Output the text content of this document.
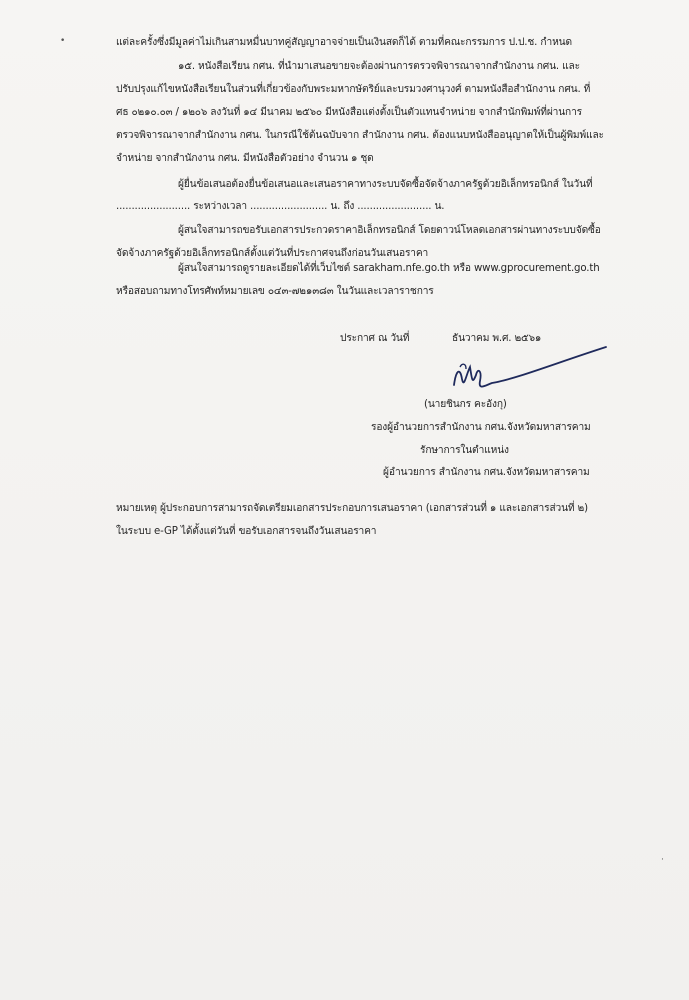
•	แต่ละครั้งซึ่งมีมูลค่าไม่เกินสามหมื่นบาทคู่สัญญาอาจจ่ายเป็นเงินสดก็ได้ ตามที่คณะกรรมการ ป.ป.ช. กำหนด
๑๕. หนังสือเรียน กศน. ที่นำมาเสนอขายจะต้องผ่านการตรวจพิจารณาจากสำนักงาน กศน. และ
ปรับปรุงแก้ไขหนังสือเรียนในส่วนที่เกี่ยวข้องกับพระมหากษัตริย์และบรมวงศานุวงศ์ ตามหนังสือสำนักงาน กศน. ที่
ศธ ๐๒๑๐.๐๓ / ๑๒๐๖ ลงวันที่ ๑๔ มีนาคม ๒๕๖๐ มีหนังสือแต่งตั้งเป็นตัวแทนจำหน่าย จากสำนักพิมพ์ที่ผ่านการ
ตรวจพิจารณาจากสำนักงาน กศน. ในกรณีใช้ต้นฉบับจาก สำนักงาน กศน. ต้องแนบหนังสืออนุญาตให้เป็นผู้พิมพ์และ
จำหน่าย จากสำนักงาน กศน. มีหนังสือตัวอย่าง จำนวน ๑ ชุด
ผู้ยื่นข้อเสนอต้องยื่นข้อเสนอและเสนอราคาทางระบบจัดซื้อจัดจ้างภาครัฐด้วยอิเล็กทรอนิกส์ ในวันที่
........................ ระหว่างเวลา ......................... น. ถึง ........................ น.
ผู้สนใจสามารถขอรับเอกสารประกวดราคาอิเล็กทรอนิกส์ โดยดาวน์โหลดเอกสารผ่านทางระบบจัดซื้อ
จัดจ้างภาครัฐด้วยอิเล็กทรอนิกส์ตั้งแต่วันที่ประกาศจนถึงก่อนวันเสนอราคา
ผู้สนใจสามารถดูรายละเอียดได้ที่เว็บไซต์ sarakham.nfe.go.th หรือ www.gprocurement.go.th
หรือสอบถามทางโทรศัพท์หมายเลข ๐๔๓-๗๒๑๓๘๓ ในวันและเวลาราชการ
ประกาศ ณ วันที่	ธันวาคม พ.ศ. ๒๕๖๑
(นายชินกร คะอังกุ)
รองผู้อำนวยการสำนักงาน กศน.จังหวัดมหาสารคาม
รักษาการในตำแหน่ง
ผู้อำนวยการ สำนักงาน กศน.จังหวัดมหาสารคาม
หมายเหตุ ผู้ประกอบการสามารถจัดเตรียมเอกสารประกอบการเสนอราคา (เอกสารส่วนที่ ๑ และเอกสารส่วนที่ ๒)
ในระบบ e-GP ได้ตั้งแต่วันที่ ขอรับเอกสารจนถึงวันเสนอราคา
·
